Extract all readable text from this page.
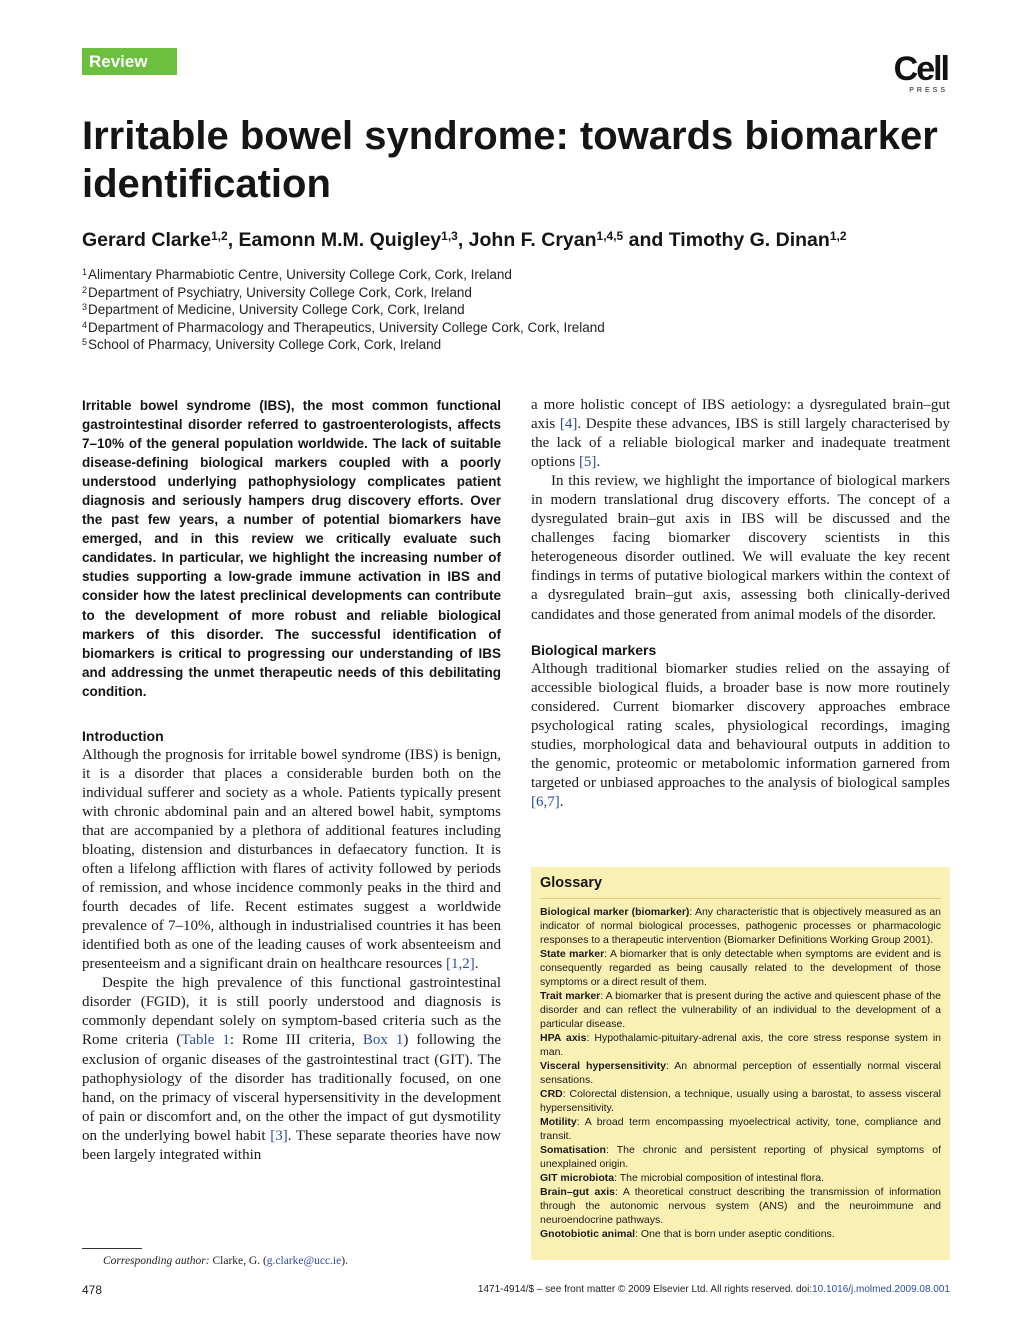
Review	Cell
PRESS
Irritable bowel syndrome: towards biomarker identification
Gerard Clarke$^{1,2}$, Eamonn M.M. Quigley$^{1,3}$, John F. Cryan$^{1,4,5}$ and Timothy G. Dinan$^{1,2}$
$^1$Alimentary Pharmabiotic Centre, University College Cork, Cork, Ireland
$^2$Department of Psychiatry, University College Cork, Cork, Ireland
$^3$Department of Medicine, University College Cork, Cork, Ireland
$^4$Department of Pharmacology and Therapeutics, University College Cork, Cork, Ireland
$^5$School of Pharmacy, University College Cork, Cork, Ireland

Irritable bowel syndrome (IBS), the most common functional gastrointestinal disorder referred to gastroenterologists, affects 7–10% of the general population worldwide. The lack of suitable disease-defining biological markers coupled with a poorly understood underlying pathophysiology complicates patient diagnosis and seriously hampers drug discovery efforts. Over the past few years, a number of potential biomarkers have emerged, and in this review we critically evaluate such candidates. In particular, we highlight the increasing number of studies supporting a low-grade immune activation in IBS and consider how the latest preclinical developments can contribute to the development of more robust and reliable biological markers of this disorder. The successful identification of biomarkers is critical to progressing our understanding of IBS and addressing the unmet therapeutic needs of this debilitating condition.

Introduction

Although the prognosis for irritable bowel syndrome (IBS) is benign, it is a disorder that places a considerable burden both on the individual sufferer and society as a whole. Patients typically present with chronic abdominal pain and an altered bowel habit, symptoms that are accompanied by a plethora of additional features including bloating, distension and disturbances in defaecatory function. It is often a lifelong affliction with flares of activity followed by periods of remission, and whose incidence commonly peaks in the third and fourth decades of life. Recent estimates suggest a worldwide prevalence of 7–10%, although in industrialised countries it has been identified both as one of the leading causes of work absenteeism and presenteeism and a significant drain on healthcare resources [1,2].

Despite the high prevalence of this functional gastrointestinal disorder (FGID), it is still poorly understood and diagnosis is commonly dependant solely on symptom-based criteria such as the Rome criteria (Table 1: Rome III criteria, Box 1) following the exclusion of organic diseases of the gastrointestinal tract (GIT). The pathophysiology of the disorder has traditionally focused, on one hand, on the primacy of visceral hypersensitivity in the development of pain or discomfort and, on the other the impact of gut dysmotility on the underlying bowel habit [3]. These separate theories have now been largely integrated within

a more holistic concept of IBS aetiology: a dysregulated brain–gut axis [4]. Despite these advances, IBS is still largely characterised by the lack of a reliable biological marker and inadequate treatment options [5].

In this review, we highlight the importance of biological markers in modern translational drug discovery efforts. The concept of a dysregulated brain–gut axis in IBS will be discussed and the challenges facing biomarker discovery scientists in this heterogeneous disorder outlined. We will evaluate the key recent findings in terms of putative biological markers within the context of a dysregulated brain–gut axis, assessing both clinically-derived candidates and those generated from animal models of the disorder.

Biological markers

Although traditional biomarker studies relied on the assaying of accessible biological fluids, a broader base is now more routinely considered. Current biomarker discovery approaches embrace psychological rating scales, physiological recordings, imaging studies, morphological data and behavioural outputs in addition to the genomic, proteomic or metabolomic information garnered from targeted or unbiased approaches to the analysis of biological samples [6,7].

Glossary

Biological marker (biomarker): Any characteristic that is objectively measured as an indicator of normal biological processes, pathogenic processes or pharmacologic responses to a therapeutic intervention (Biomarker Definitions Working Group 2001).

State marker: A biomarker that is only detectable when symptoms are evident and is consequently regarded as being causally related to the development of those symptoms or a direct result of them.

Trait marker: A biomarker that is present during the active and quiescent phase of the disorder and can reflect the vulnerability of an individual to the development of a particular disease.

HPA axis: Hypothalamic-pituitary-adrenal axis, the core stress response system in man.

Visceral hypersensitivity: An abnormal perception of essentially normal visceral sensations.

CRD: Colorectal distension, a technique, usually using a barostat, to assess visceral hypersensitivity.

Motility: A broad term encompassing myoelectrical activity, tone, compliance and transit.

Somatisation: The chronic and persistent reporting of physical symptoms of unexplained origin.

GIT microbiota: The microbial composition of intestinal flora.

Brain–gut axis: A theoretical construct describing the transmission of information through the autonomic nervous system (ANS) and the neuroimmune and neuroendocrine pathways.

Gnotobiotic animal: One that is born under aseptic conditions.

Corresponding author: Clarke, G. (g.clarke@ucc.ie).
478	1471-4914/$ – see front matter © 2009 Elsevier Ltd. All rights reserved. doi:10.1016/j.molmed.2009.08.001
